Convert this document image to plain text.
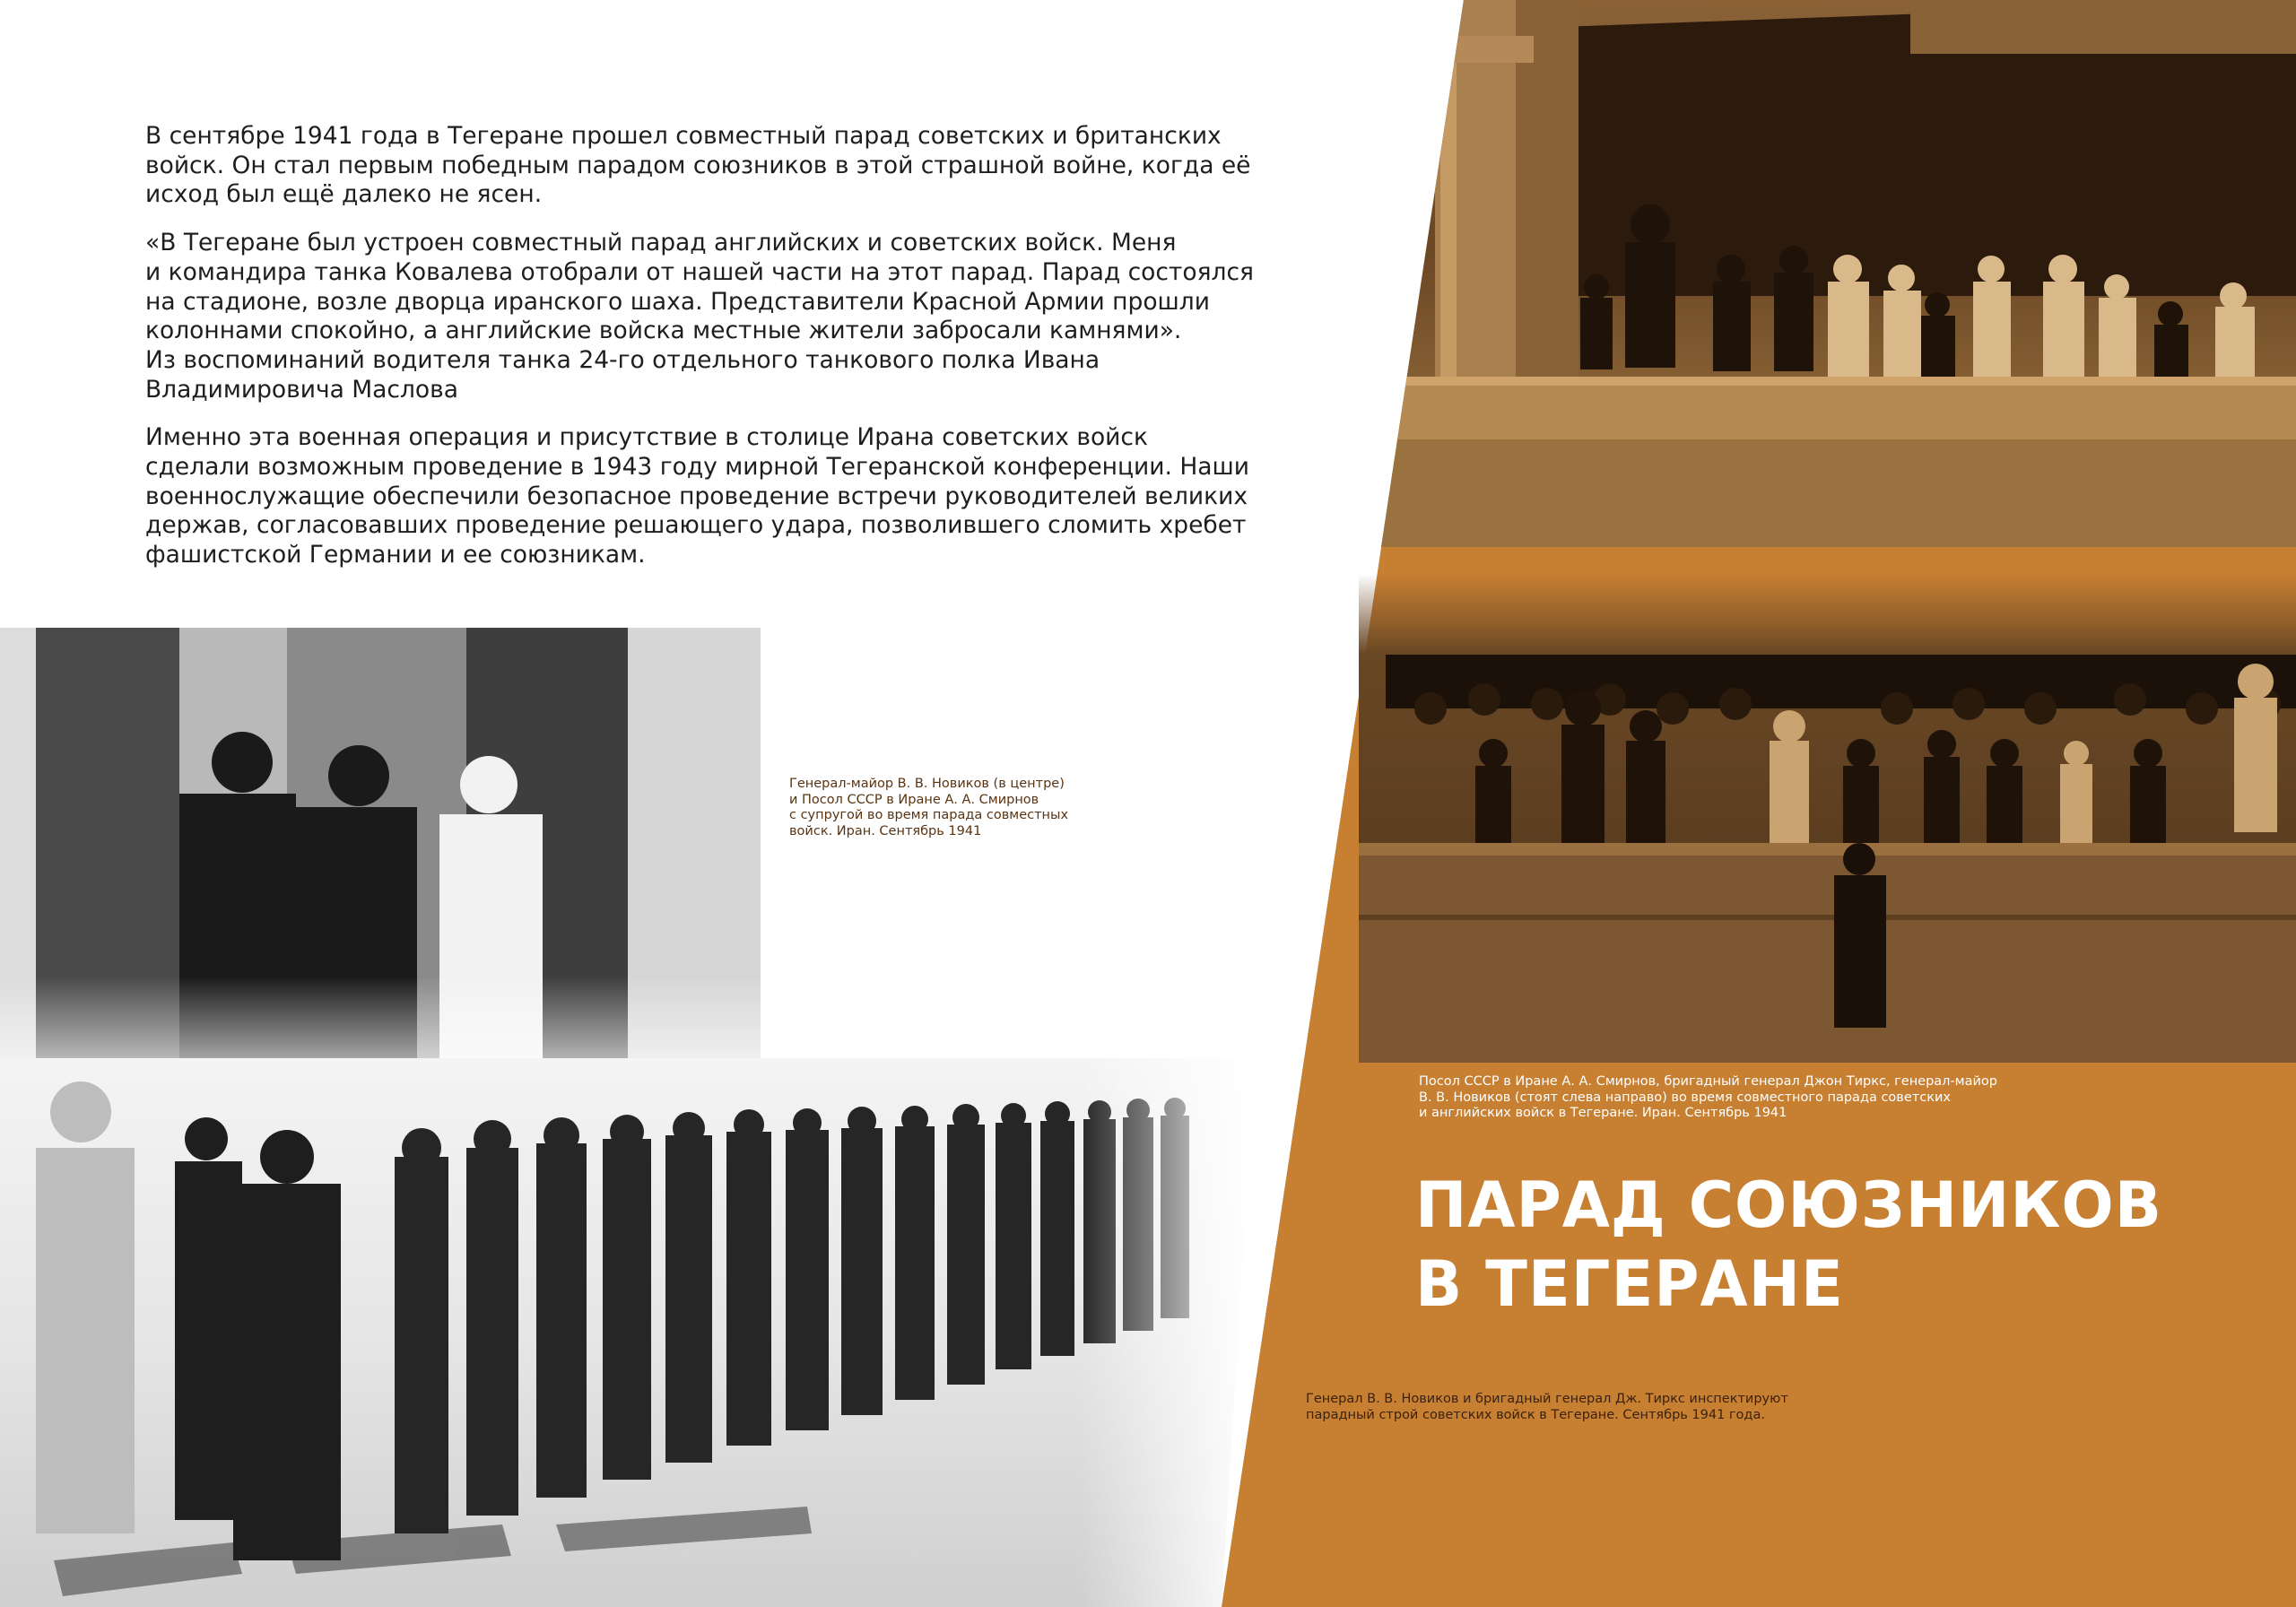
В сентябре 1941 года в Тегеране прошел совместный парад советских и британских
войск. Он стал первым победным парадом союзников в этой страшной войне, когда её
исход был ещё далеко не ясен.

«В Тегеране был устроен совместный парад английских и советских войск. Меня
и командира танка Ковалева отобрали от нашей части на этот парад. Парад состоялся
на стадионе, возле дворца иранского шаха. Представители Красной Армии прошли
колоннами спокойно, а английские войска местные жители забросали камнями».
Из воспоминаний водителя танка 24-го отдельного танкового полка Ивана
Владимировича Маслова

Именно эта военная операция и присутствие в столице Ирана советских войск
сделали возможным проведение в 1943 году мирной Тегеранской конференции. Наши
военнослужащие обеспечили безопасное проведение встречи руководителей великих
держав, согласовавших проведение решающего удара, позволившего сломить хребет
фашистской Германии и ее союзникам.

Генерал-майор В. В. Новиков (в центре)
и Посол СССР в Иране А. А. Смирнов
с супругой во время парада совместных
войск. Иран. Сентябрь 1941
Посол СССР в Иране А. А. Смирнов, бригадный генерал Джон Тиркс, генерал-майор
В. В. Новиков (стоят слева направо) во время совместного парада советских
и английских войск в Тегеране. Иран. Сентябрь 1941
Генерал В. В. Новиков и бригадный генерал Дж. Тиркс инспектируют
парадный строй советских войск в Тегеране. Сентябрь 1941 года.
ПАРАД СОЮЗНИКОВ
В ТЕГЕРАНЕ
